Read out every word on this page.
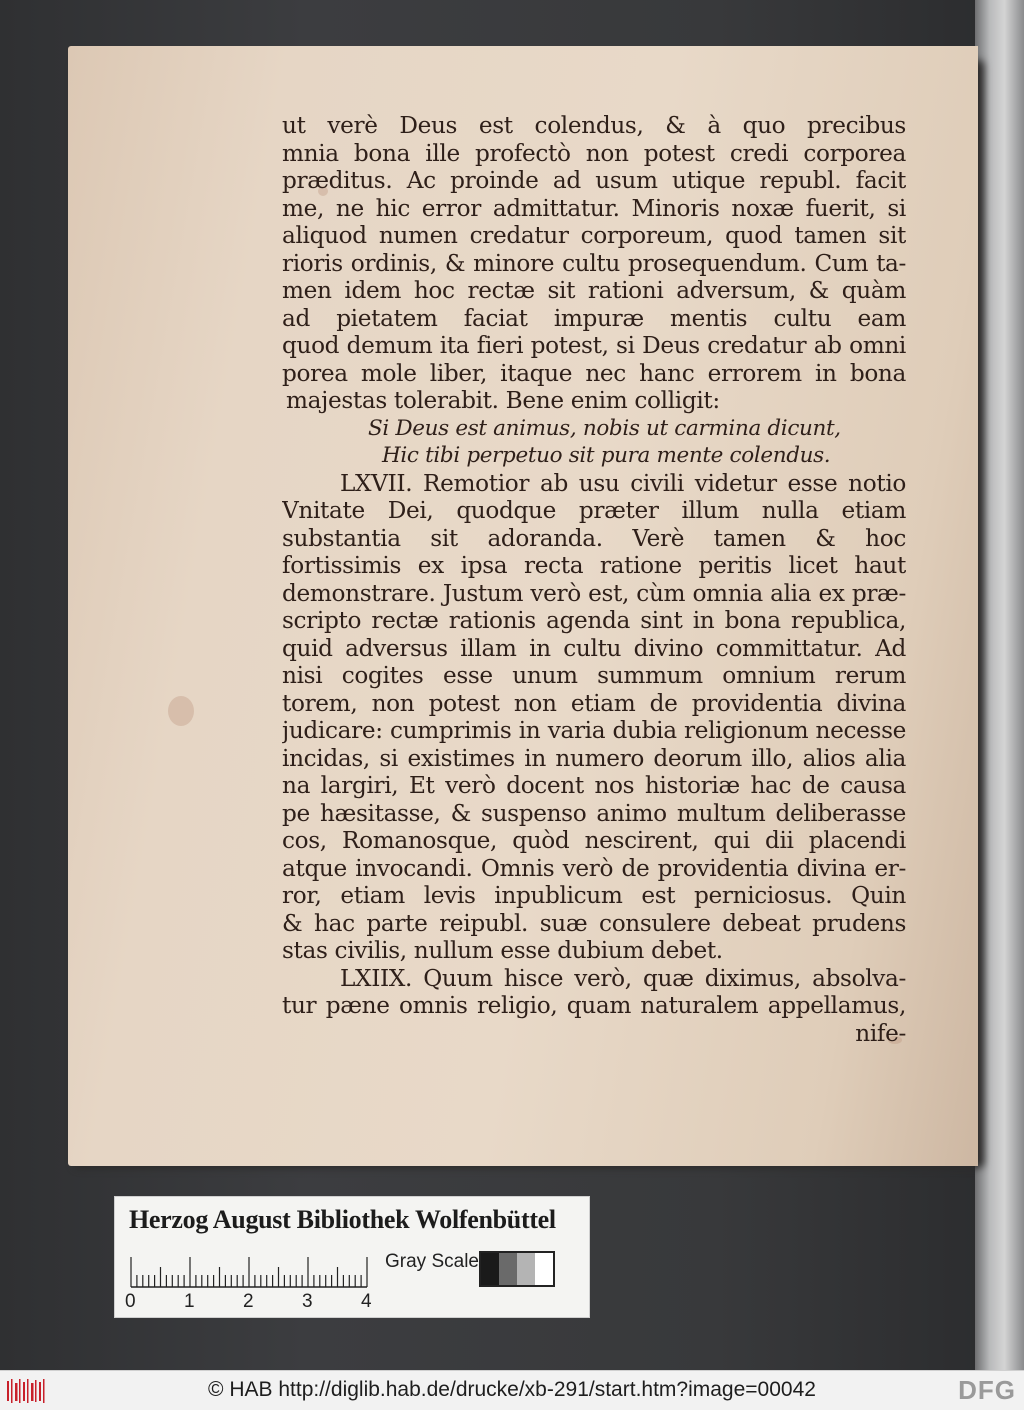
ut verè Deus est colendus, & à quo precibus
mnia bona ille profectò non potest credi corporea
præditus. Ac proinde ad usum utique republ. facit
me, ne hic error admittatur. Minoris noxæ fuerit, si
aliquod numen credatur corporeum, quod tamen sit
rioris ordinis, & minore cultu prosequendum. Cum ta-
men idem hoc rectæ sit rationi adversum, & quàm
ad pietatem faciat impuræ mentis cultu eam
quod demum ita fieri potest, si Deus credatur ab omni
porea mole liber, itaque nec hanc errorem in bona
majestas tolerabit. Bene enim colligit:
Si Deus est animus, nobis ut carmina dicunt,
Hic tibi perpetuo sit pura mente colendus.
LXVII. Remotior ab usu civili videtur esse notio
Vnitate Dei, quodque præter illum nulla etiam
substantia sit adoranda. Verè tamen & hoc
fortissimis ex ipsa recta ratione peritis licet haut
demonstrare. Justum verò est, cùm omnia alia ex præ-
scripto rectæ rationis agenda sint in bona republica,
quid adversus illam in cultu divino committatur. Ad
nisi cogites esse unum summum omnium rerum
torem, non potest non etiam de providentia divina
judicare: cumprimis in varia dubia religionum necesse
incidas, si existimes in numero deorum illo, alios alia
na largiri, Et verò docent nos historiæ hac de causa
pe hæsitasse, & suspenso animo multum deliberasse
cos, Romanosque, quòd nescirent, qui dii placendi
atque invocandi. Omnis verò de providentia divina er-
ror, etiam levis inpublicum est perniciosus. Quin
& hac parte reipubl. suæ consulere debeat prudens
stas civilis, nullum esse dubium debet.
LXIIX. Quum hisce verò, quæ diximus, absolva-
tur pæne omnis religio, quam naturalem appellamus,
nife-
Herzog August Bibliothek Wolfenbüttel
0	1	2	3	4
Gray Scale
© HAB http://diglib.hab.de/drucke/xb-291/start.htm?image=00042	DFG
